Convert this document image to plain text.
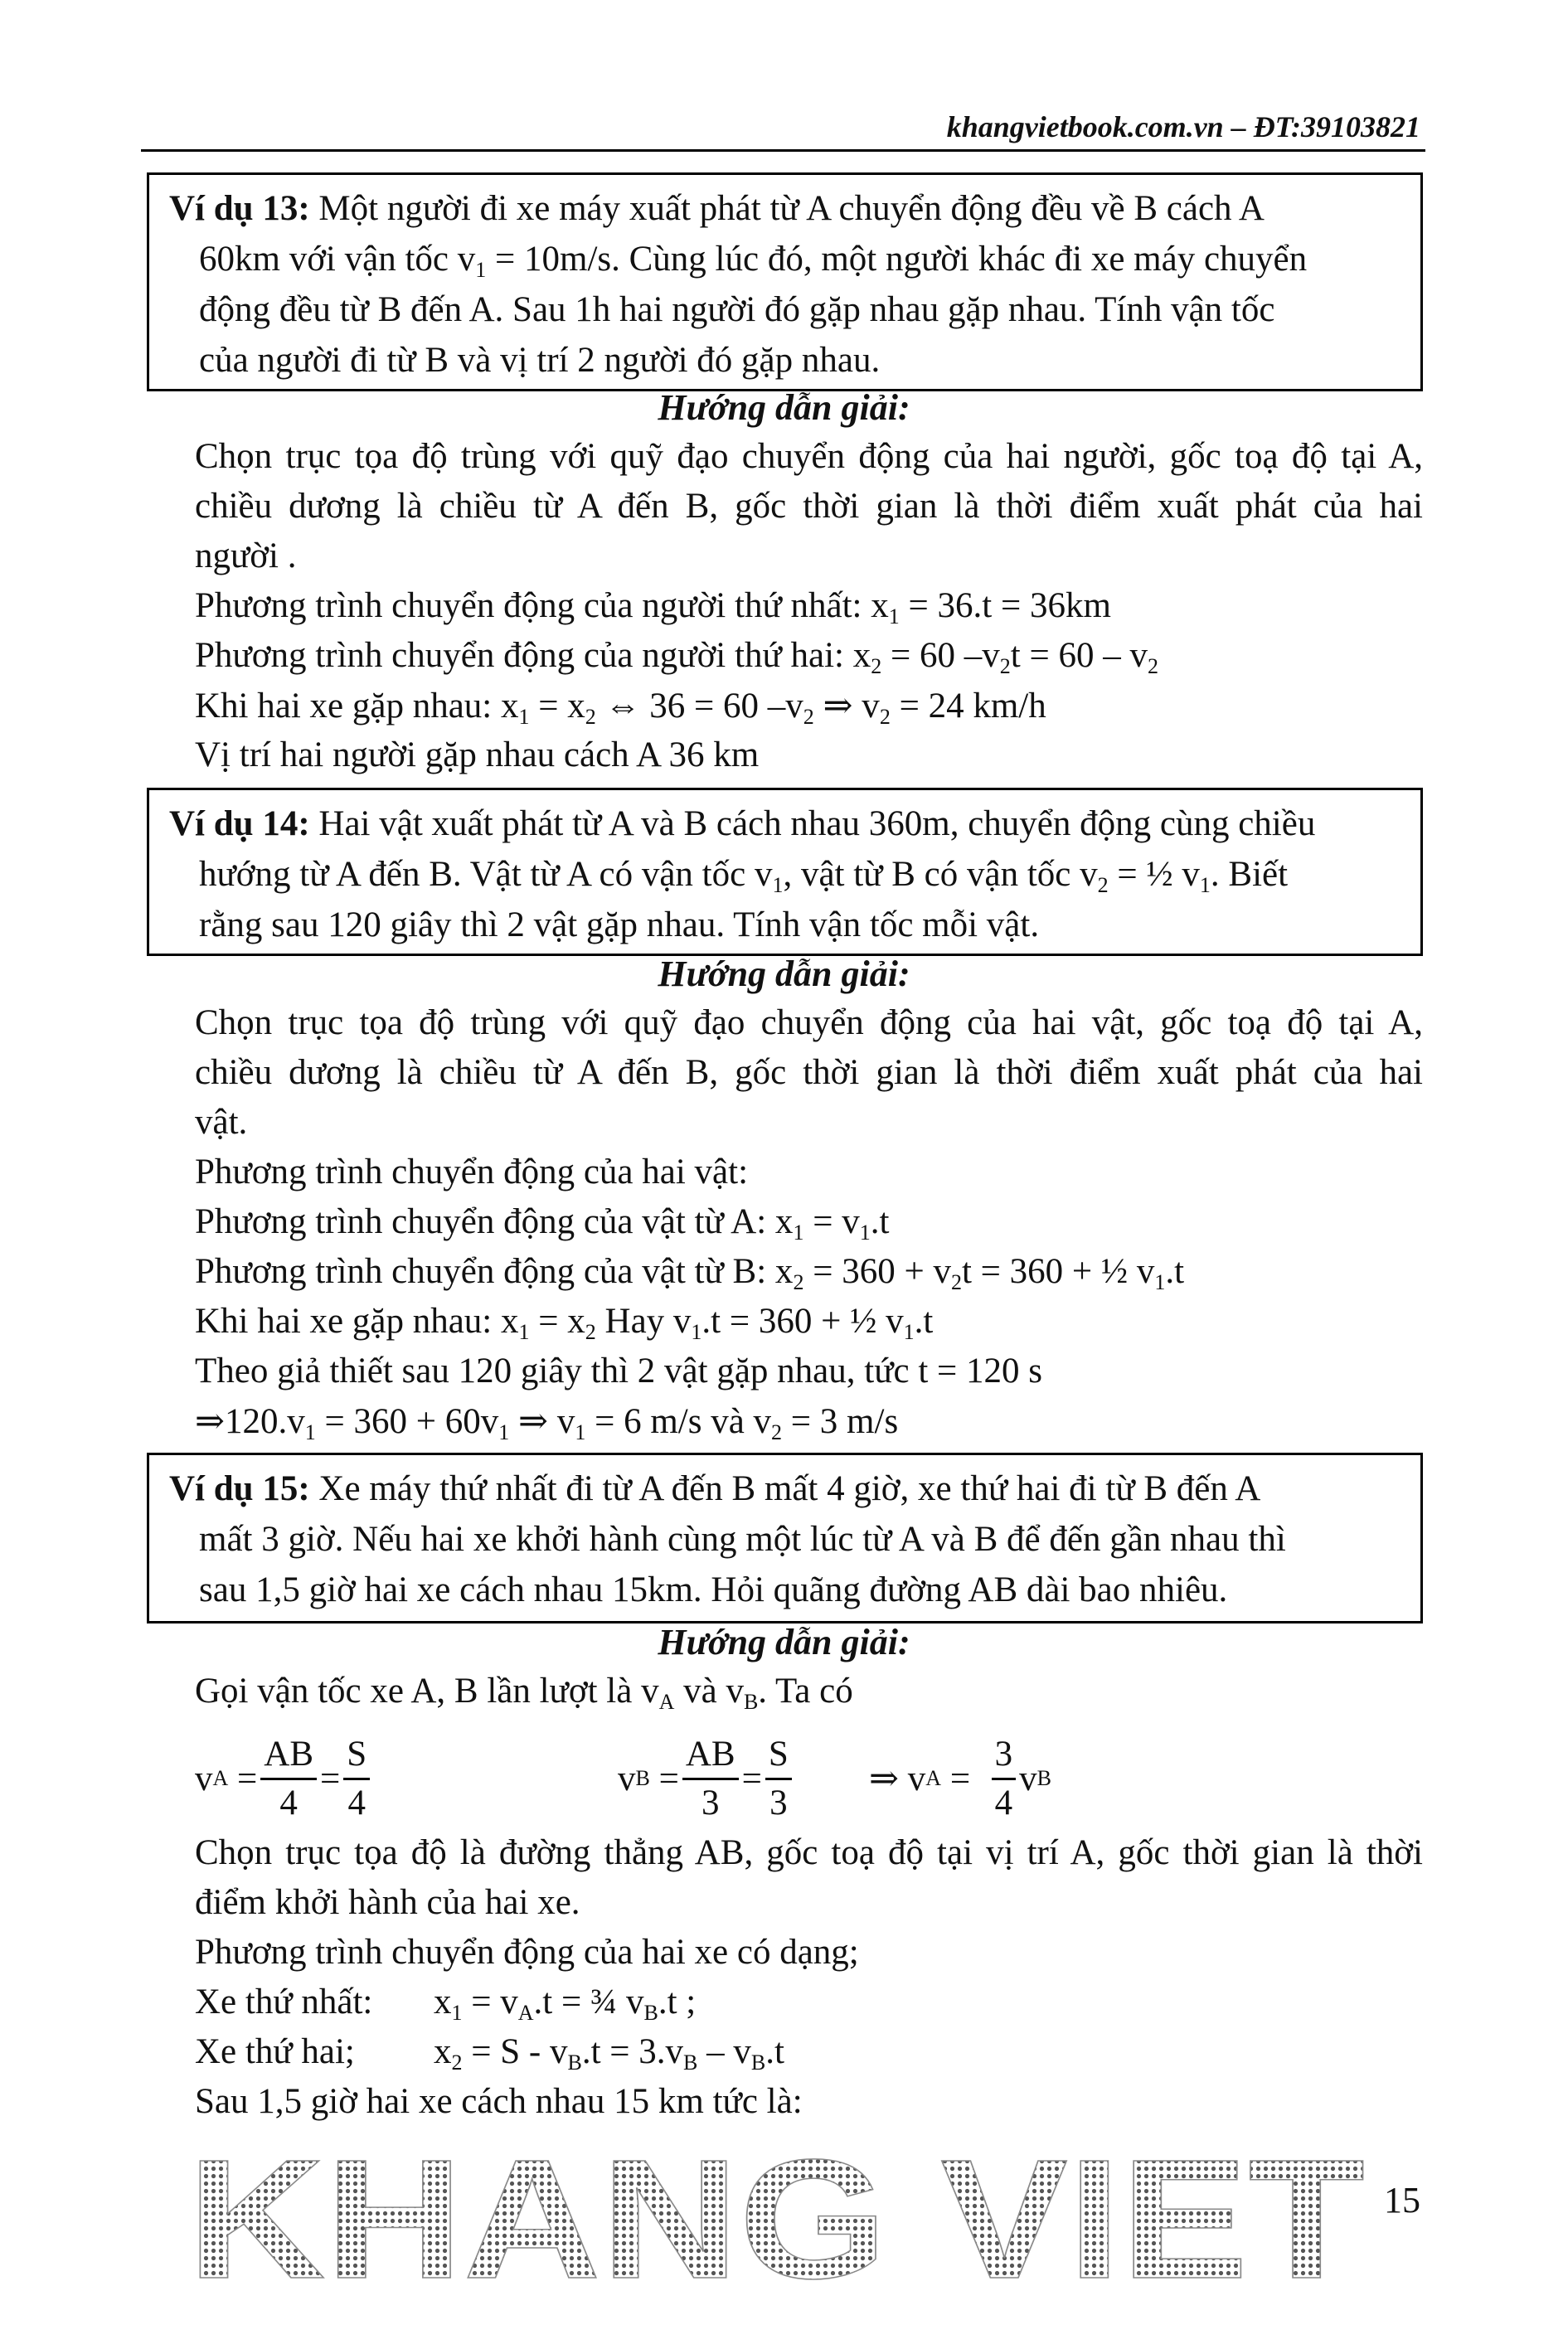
khangvietbook.com.vn – ĐT:39103821

Ví dụ 13: Một người đi xe máy xuất phát từ A chuyển động đều về B cách A

60km với vận tốc $v_1 = 10m/s$. Cùng lúc đó, một người khác đi xe máy chuyển

động đều từ B đến A. Sau 1h hai người đó gặp nhau gặp nhau. Tính vận tốc

của người đi từ B và vị trí 2 người đó gặp nhau.

Hướng dẫn giải:
Chọn trục tọa độ trùng với quỹ đạo chuyển động của hai người, gốc toạ độ tại A,
chiều dương là chiều từ A đến B, gốc thời gian là thời điểm xuất phát của hai
người .
Phương trình chuyển động của người thứ nhất: $x_1 = 36.t = 36km$
Phương trình chuyển động của người thứ hai: $x_2 = 60$ $-v_2t = 60 - v_2$
Khi hai xe gặp nhau: $x_1 = x_2$ ⇔ 36 = 60 $-v_2$ ⇒ $v_2 = 24$ km/h
Vị trí hai người gặp nhau cách A 36 km

Ví dụ 14: Hai vật xuất phát từ A và B cách nhau 360m, chuyển động cùng chiều

hướng từ A đến B. Vật từ A có vận tốc $v_1$, vật từ B có vận tốc $v_2$ = ½ $v_1$. Biết

rằng sau 120 giây thì 2 vật gặp nhau. Tính vận tốc mỗi vật.

Hướng dẫn giải:
Chọn trục tọa độ trùng với quỹ đạo chuyển động của hai vật, gốc toạ độ tại A,
chiều dương là chiều từ A đến B, gốc thời gian là thời điểm xuất phát của hai
vật.
Phương trình chuyển động của hai vật:
Phương trình chuyển động của vật từ A: $x_1 = v_1.t$
Phương trình chuyển động của vật từ B: $x_2 = 360 + v_2t = 360$ + ½ $v_1.t$
Khi hai xe gặp nhau: $x_1 = x_2$ Hay $v_1.t = 360$ + ½ $v_1.t$
Theo giả thiết sau 120 giây thì 2 vật gặp nhau, tức t = 120 s
$\Rightarrow 120.v_1 = 360 + 60v_1$ ⇒ $v_1 = 6$ m/s và $v_2 = 3$ m/s

Ví dụ 15: Xe máy thứ nhất đi từ A đến B mất 4 giờ, xe thứ hai đi từ B đến A

mất 3 giờ. Nếu hai xe khởi hành cùng một lúc từ A và B để đến gần nhau thì

sau 1,5 giờ hai xe cách nhau 15km. Hỏi quãng đường AB dài bao nhiêu.

Hướng dẫn giải:
Gọi vận tốc xe A, B lần lượt là $v_A$ và $v_B$. Ta có
v A
= $\frac{AB}{4} = \frac{S}{4}$	v B
= $\frac{AB}{3} = \frac{S}{3}$ ⇒
v A
=
$\frac{3}{4}$ v B
Chọn trục tọa độ là đường thẳng AB, gốc toạ độ tại vị trí A, gốc thời gian là thời
điểm khởi hành của hai xe.
Phương trình chuyển động của hai xe có dạng;
Xe thứ nhất: $x_1 = v_A.t$ = ¾ $v_B.t$ ;
Xe thứ hai; $x_2 = S - v_B.t = 3.v_B - v_B.t$
Sau 1,5 giờ hai xe cách nhau 15 km tức là:
KHANG VIET 15
